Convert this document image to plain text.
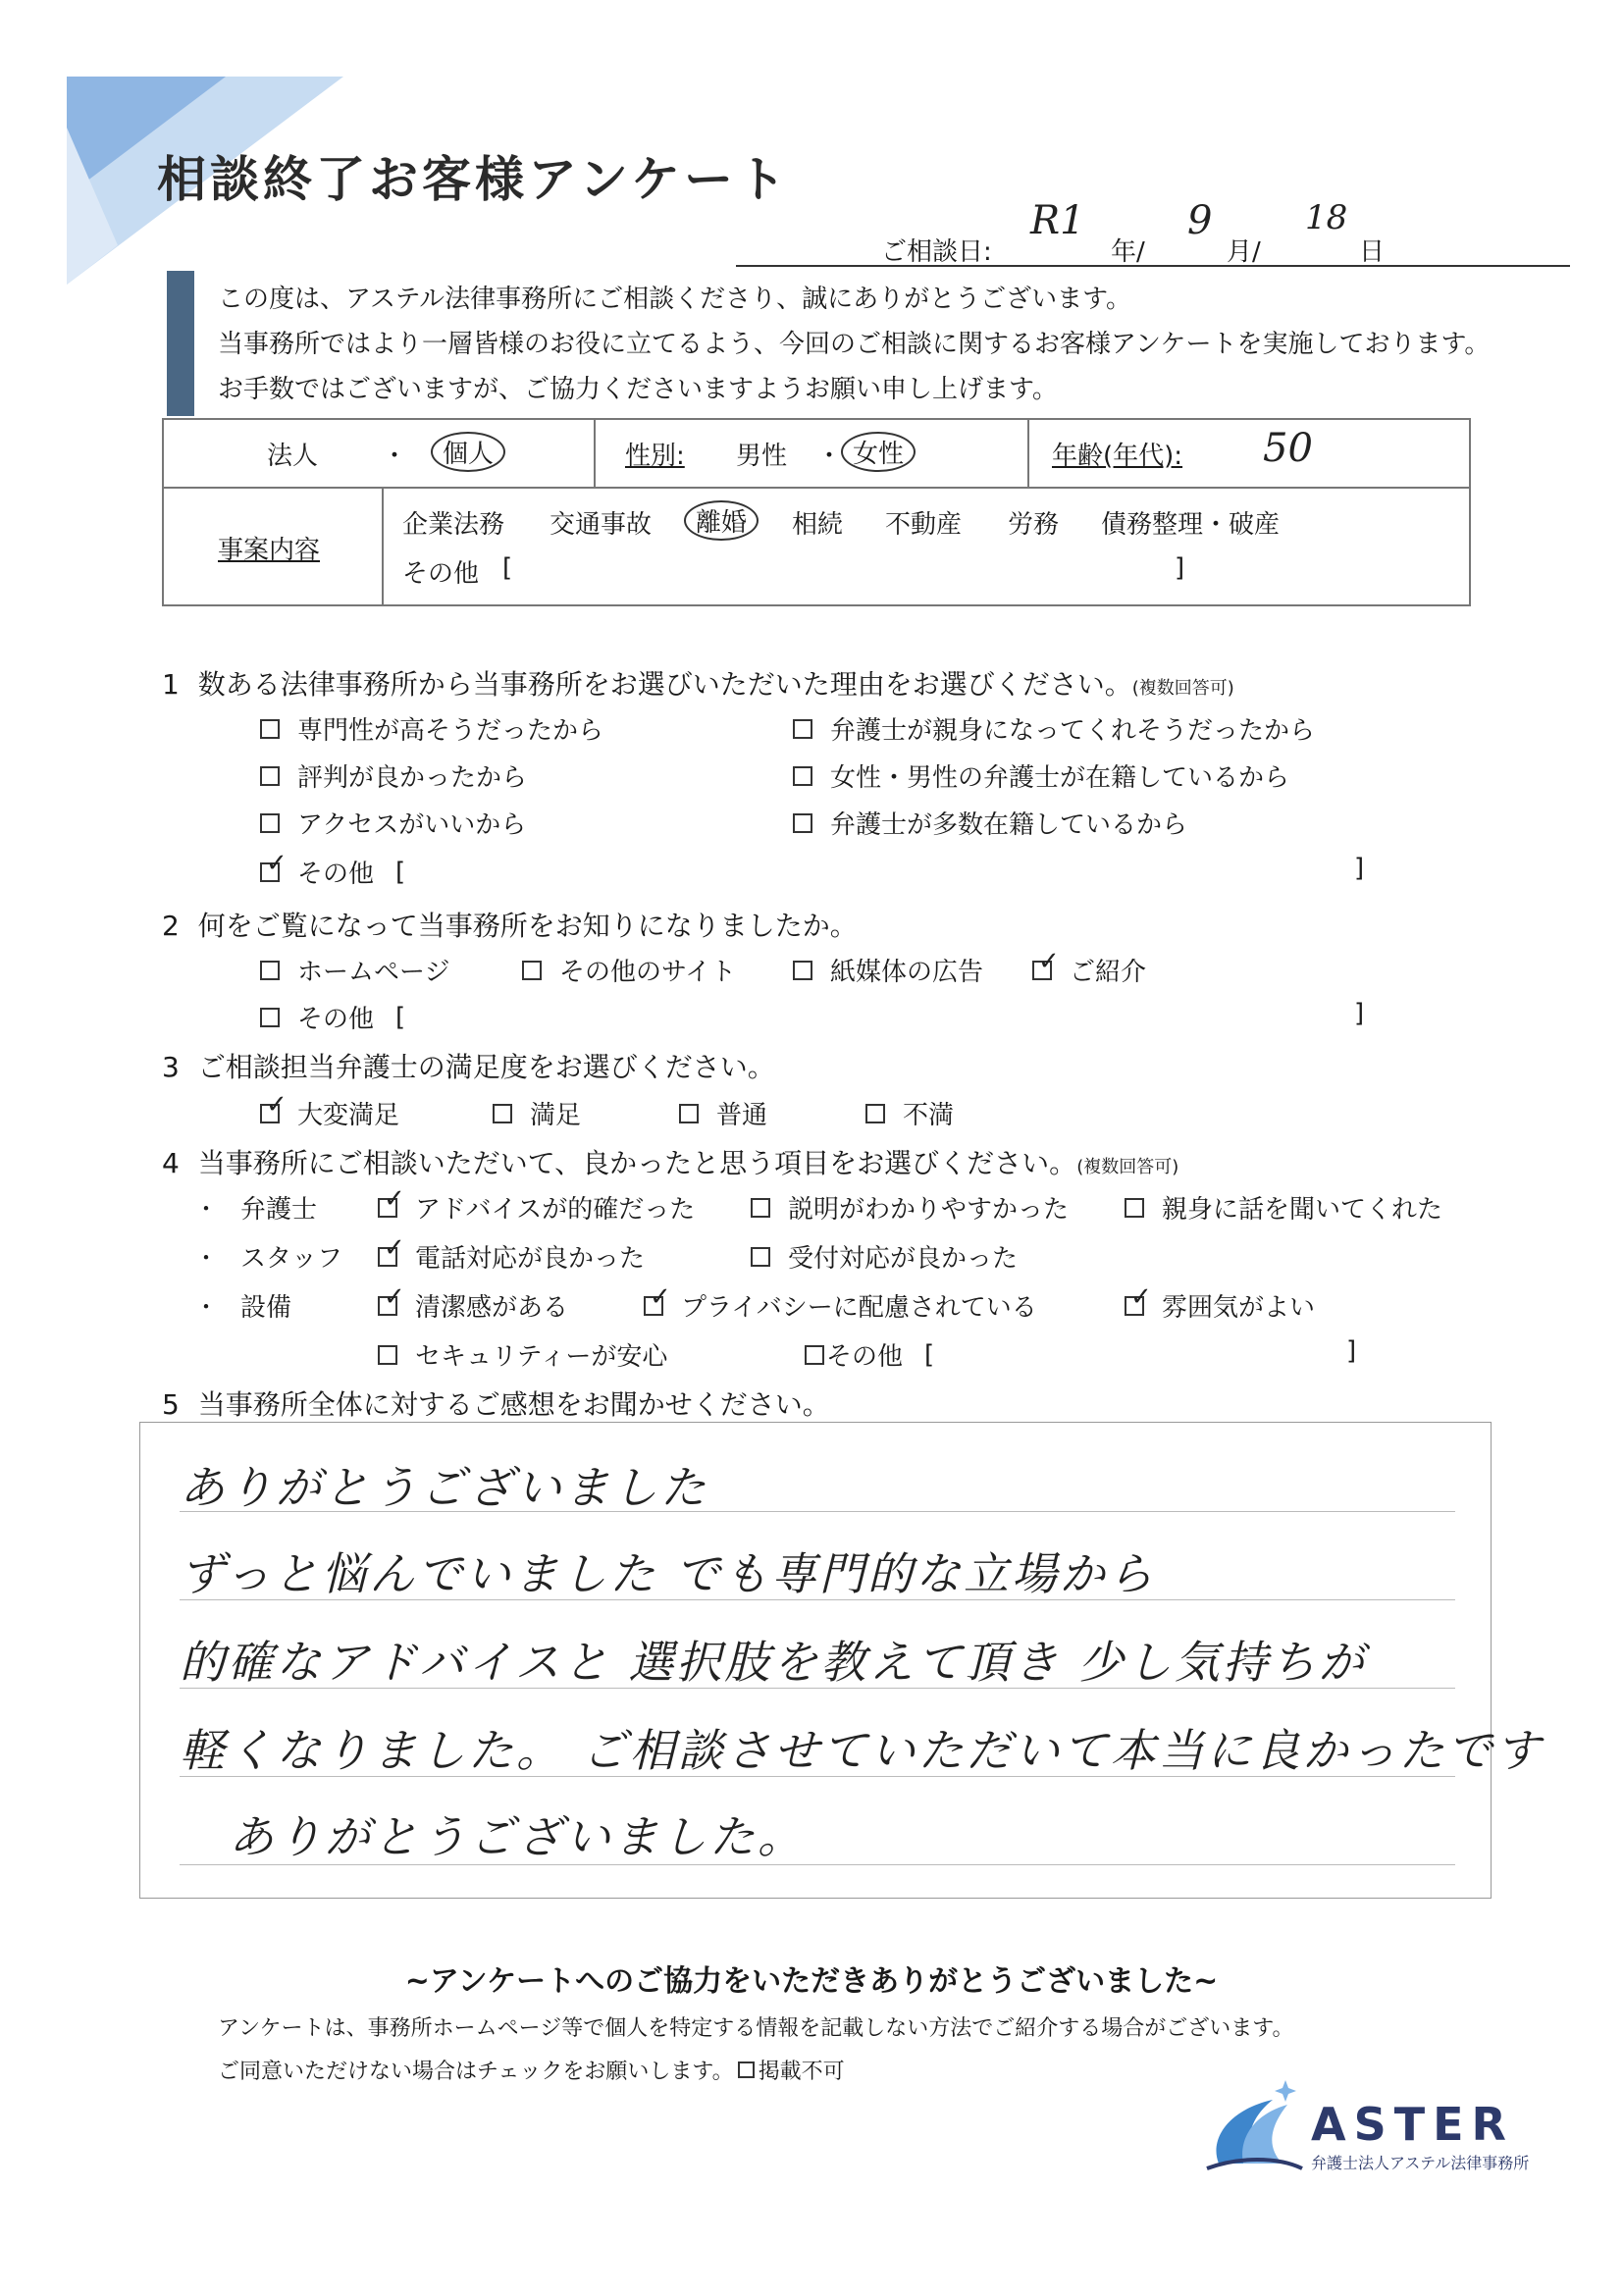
相談終了お客様アンケート
ご相談日:
R1
年/
9
月/
18
日
この度は、アステル法律事務所にご相談くださり、誠にありがとうございます。
当事務所ではより一層皆様のお役に立てるよう、今回のご相談に関するお客様アンケートを実施しております。
お手数ではございますが、ご協力くださいますようお願い申し上げます。
法人 ・	個人	性別: 男性 ・ 女性	年齢(年代): 50
事案内容
企業法務 交通事故	離婚	相続 不動産 労務 債務整理・破産
その他 [	]
1 数ある法律事務所から当事務所をお選びいただいた理由をお選びください。(複数回答可)
専門性が高そうだったから	弁護士が親身になってくれそうだったから
評判が良かったから	女性・男性の弁護士が在籍しているから
アクセスがいいから	弁護士が多数在籍しているから
✓
その他 [	]
2 何をご覧になって当事務所をお知りになりましたか。
ホームページ	その他のサイト	紙媒体の広告 ✓	ご紹介
その他 [	]
3 ご相談担当弁護士の満足度をお選びください。
✓
大変満足	満足	普通	不満
4 当事務所にご相談いただいて、良かったと思う項目をお選びください。(複数回答可)
・ 弁護士 ✓	アドバイスが的確だった	説明がわかりやすかった	親身に話を聞いてくれた
・ スタッフ ✓	電話対応が良かった	受付対応が良かった
・ 設備 ✓	清潔感がある ✓	プライバシーに配慮されている ✓	雰囲気がよい
セキュリティーが安心	その他 [	]
5 当事務所全体に対するご感想をお聞かせください。
ありがとうございました
ずっと悩んでいました でも専門的な立場から
的確なアドバイスと 選択肢を教えて頂き 少し気持ちが
軽くなりました。 ご相談させていただいて本当に良かったです
ありがとうございました。
~アンケートへのご協力をいただきありがとうございました~
アンケートは、事務所ホームページ等で個人を特定する情報を記載しない方法でご紹介する場合がございます。
ご同意いただけない場合はチェックをお願いします。 掲載不可
ASTER
弁護士法人アステル法律事務所
